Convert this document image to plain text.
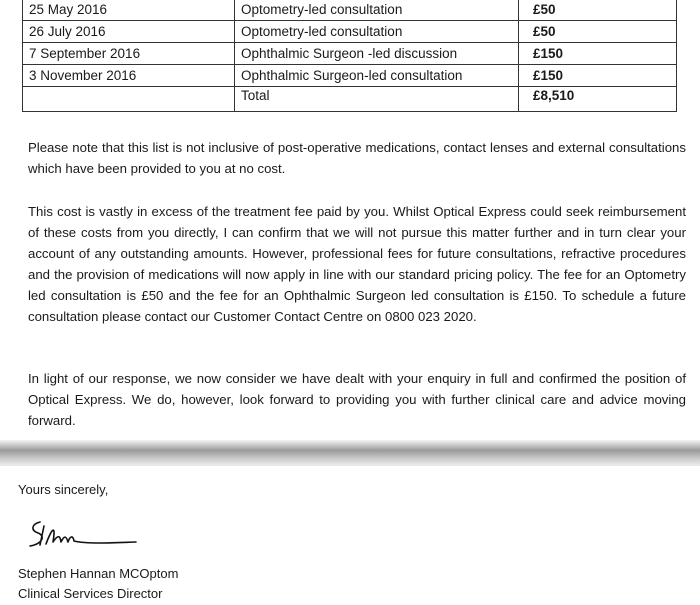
25 May 2016	Optometry-led consultation	£50
26 July 2016	Optometry-led consultation	£50
7 September 2016	Ophthalmic Surgeon -led discussion	£150
3 November 2016	Ophthalmic Surgeon-led consultation	£150
	Total	£8,510

Please note that this list is not inclusive of post-operative medications, contact lenses and external consultations which have been provided to you at no cost.

This cost is vastly in excess of the treatment fee paid by you. Whilst Optical Express could seek reimbursement of these costs from you directly, I can confirm that we will not pursue this matter further and in turn clear your account of any outstanding amounts. However, professional fees for future consultations, refractive procedures and the provision of medications will now apply in line with our standard pricing policy. The fee for an Optometry led consultation is £50 and the fee for an Ophthalmic Surgeon led consultation is £150. To schedule a future consultation please contact our Customer Contact Centre on 0800 023 2020.

In light of our response, we now consider we have dealt with your enquiry in full and confirmed the position of Optical Express. We do, however, look forward to providing you with further clinical care and advice moving forward.

Yours sincerely,

Stephen Hannan MCOptom

Clinical Services Director
